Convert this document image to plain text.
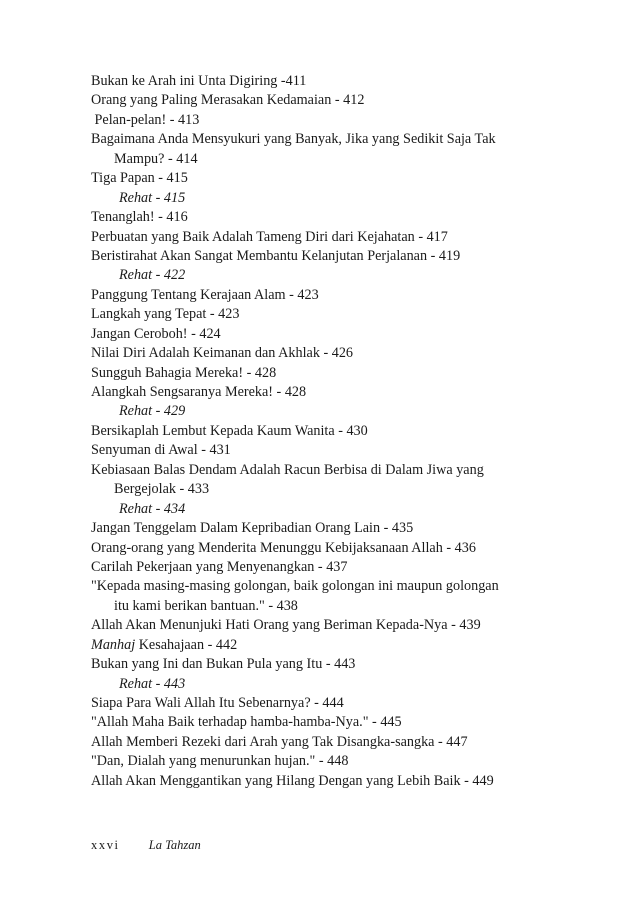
Bukan ke Arah ini Unta Digiring -411
Orang yang Paling Merasakan Kedamaian - 412
Pelan-pelan! - 413
Bagaimana Anda Mensyukuri yang Banyak, Jika yang Sedikit Saja Tak
Mampu? - 414
Tiga Papan - 415
Rehat - 415
Tenanglah! - 416
Perbuatan yang Baik Adalah Tameng Diri dari Kejahatan - 417
Beristirahat Akan Sangat Membantu Kelanjutan Perjalanan - 419
Rehat - 422
Panggung Tentang Kerajaan Alam - 423
Langkah yang Tepat - 423
Jangan Ceroboh! - 424
Nilai Diri Adalah Keimanan dan Akhlak - 426
Sungguh Bahagia Mereka! - 428
Alangkah Sengsaranya Mereka! - 428
Rehat - 429
Bersikaplah Lembut Kepada Kaum Wanita - 430
Senyuman di Awal - 431
Kebiasaan Balas Dendam Adalah Racun Berbisa di Dalam Jiwa yang
Bergejolak - 433
Rehat - 434
Jangan Tenggelam Dalam Kepribadian Orang Lain - 435
Orang-orang yang Menderita Menunggu Kebijaksanaan Allah - 436
Carilah Pekerjaan yang Menyenangkan - 437
"Kepada masing-masing golongan, baik golongan ini maupun golongan
itu kami berikan bantuan." - 438
Allah Akan Menunjuki Hati Orang yang Beriman Kepada-Nya - 439
Manhaj Kesahajaan - 442
Bukan yang Ini dan Bukan Pula yang Itu - 443
Rehat - 443
Siapa Para Wali Allah Itu Sebenarnya? - 444
"Allah Maha Baik terhadap hamba-hamba-Nya." - 445
Allah Memberi Rezeki dari Arah yang Tak Disangka-sangka - 447
"Dan, Dialah yang menurunkan hujan." - 448
Allah Akan Menggantikan yang Hilang Dengan yang Lebih Baik - 449
xxvi La Tahzan
